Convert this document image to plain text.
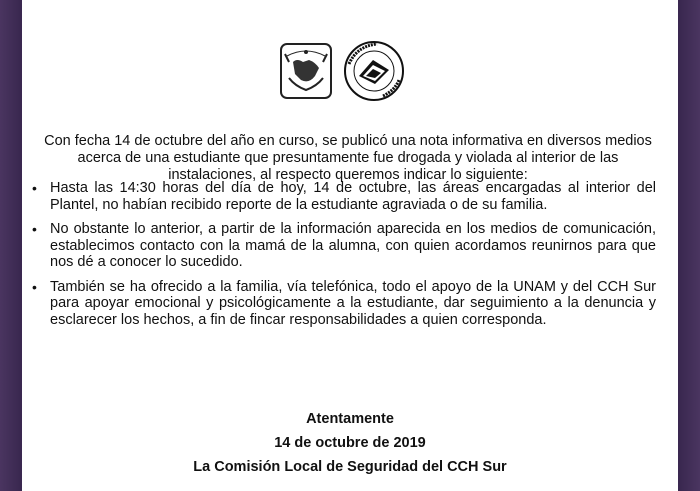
Con fecha 14 de octubre del año en curso, se publicó una nota informativa en diversos medios acerca de una estudiante que presuntamente fue drogada y violada al interior de las instalaciones, al respecto queremos indicar lo siguiente:

• Hasta las 14:30 horas del día de hoy, 14 de octubre, las áreas encargadas al interior del Plantel, no habían recibido reporte de la estudiante agraviada o de su familia.
• No obstante lo anterior, a partir de la información aparecida en los medios de comunicación, establecimos contacto con la mamá de la alumna, con quien acordamos reunirnos para que nos dé a conocer lo sucedido.
• También se ha ofrecido a la familia, vía telefónica, todo el apoyo de la UNAM y del CCH Sur para apoyar emocional y psicológicamente a la estudiante, dar seguimiento a la denuncia y esclarecer los hechos, a fin de fincar responsabilidades a quien corresponda.
Atentamente
14 de octubre de 2019
La Comisión Local de Seguridad del CCH Sur
